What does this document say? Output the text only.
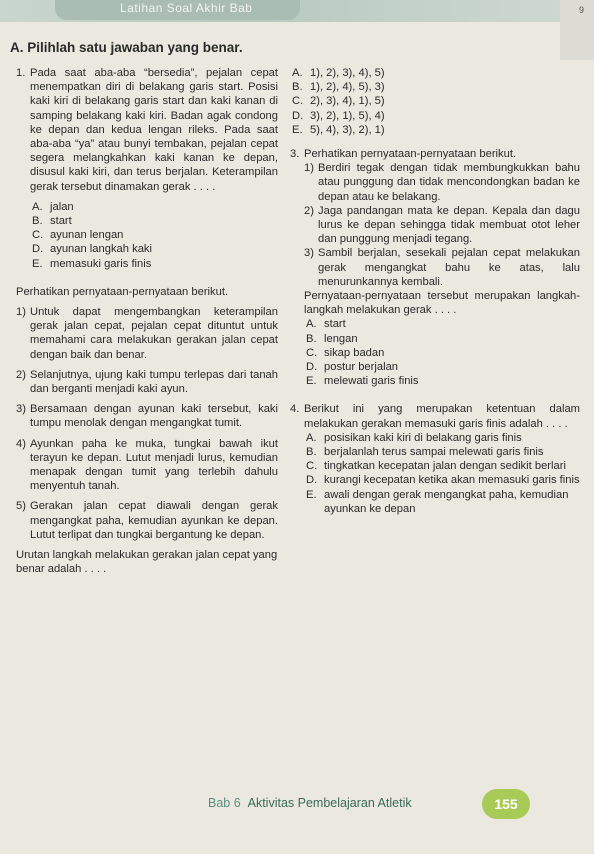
Latihan Soal Akhir Bab	9
A. Pilihlah satu jawaban yang benar.
1. Pada saat aba-aba “bersedia”, pejalan cepat menempatkan diri di belakang garis start. Posisi kaki kiri di belakang garis start dan kaki kanan di samping belakang kaki kiri. Badan agak condong ke depan dan kedua lengan rileks. Pada saat aba-aba “ya” atau bunyi tembakan, pejalan cepat segera melangkahkan kaki kanan ke depan, disusul kaki kiri, dan terus berjalan. Keterampilan gerak tersebut dinamakan gerak . . . .
A. jalan
B. start
C. ayunan lengan
D. ayunan langkah kaki
E. memasuki garis finis
Perhatikan pernyataan-pernyataan berikut.
1) Untuk dapat mengembangkan keterampilan gerak jalan cepat, pejalan cepat dituntut untuk memahami cara melakukan gerakan jalan cepat dengan baik dan benar.
2) Selanjutnya, ujung kaki tumpu terlepas dari tanah dan berganti menjadi kaki ayun.
3) Bersamaan dengan ayunan kaki tersebut, kaki tumpu menolak dengan mengangkat tumit.
4) Ayunkan paha ke muka, tungkai bawah ikut terayun ke depan. Lutut menjadi lurus, kemudian menapak dengan tumit yang terlebih dahulu menyentuh tanah.
5) Gerakan jalan cepat diawali dengan gerak mengangkat paha, kemudian ayunkan ke depan. Lutut terlipat dan tungkai bergantung ke depan.
Urutan langkah melakukan gerakan jalan cepat yang benar adalah . . . .
A. 1), 2), 3), 4), 5)
B. 1), 2), 4), 5), 3)
C. 2), 3), 4), 1), 5)
D. 3), 2), 1), 5), 4)
E. 5), 4), 3), 2), 1)
3. Perhatikan pernyataan-pernyataan berikut.
1) Berdiri tegak dengan tidak membungkukkan bahu atau punggung dan tidak mencondongkan badan ke depan atau ke belakang.
2) Jaga pandangan mata ke depan. Kepala dan dagu lurus ke depan sehingga tidak membuat otot leher dan punggung menjadi tegang.
3) Sambil berjalan, sesekali pejalan cepat melakukan gerak mengangkat bahu ke atas, lalu menurunkannya kembali.
Pernyataan-pernyataan tersebut merupakan langkah-langkah melakukan gerak . . . .
A. start
B. lengan
C. sikap badan
D. postur berjalan
E. melewati garis finis
4. Berikut ini yang merupakan ketentuan dalam melakukan gerakan memasuki garis finis adalah . . . .
A. posisikan kaki kiri di belakang garis finis
B. berjalanlah terus sampai melewati garis finis
C. tingkatkan kecepatan jalan dengan sedikit berlari
D. kurangi kecepatan ketika akan memasuki garis finis
E. awali dengan gerak mengangkat paha, kemudian ayunkan ke depan
Bab 6 Aktivitas Pembelajaran Atletik	155
